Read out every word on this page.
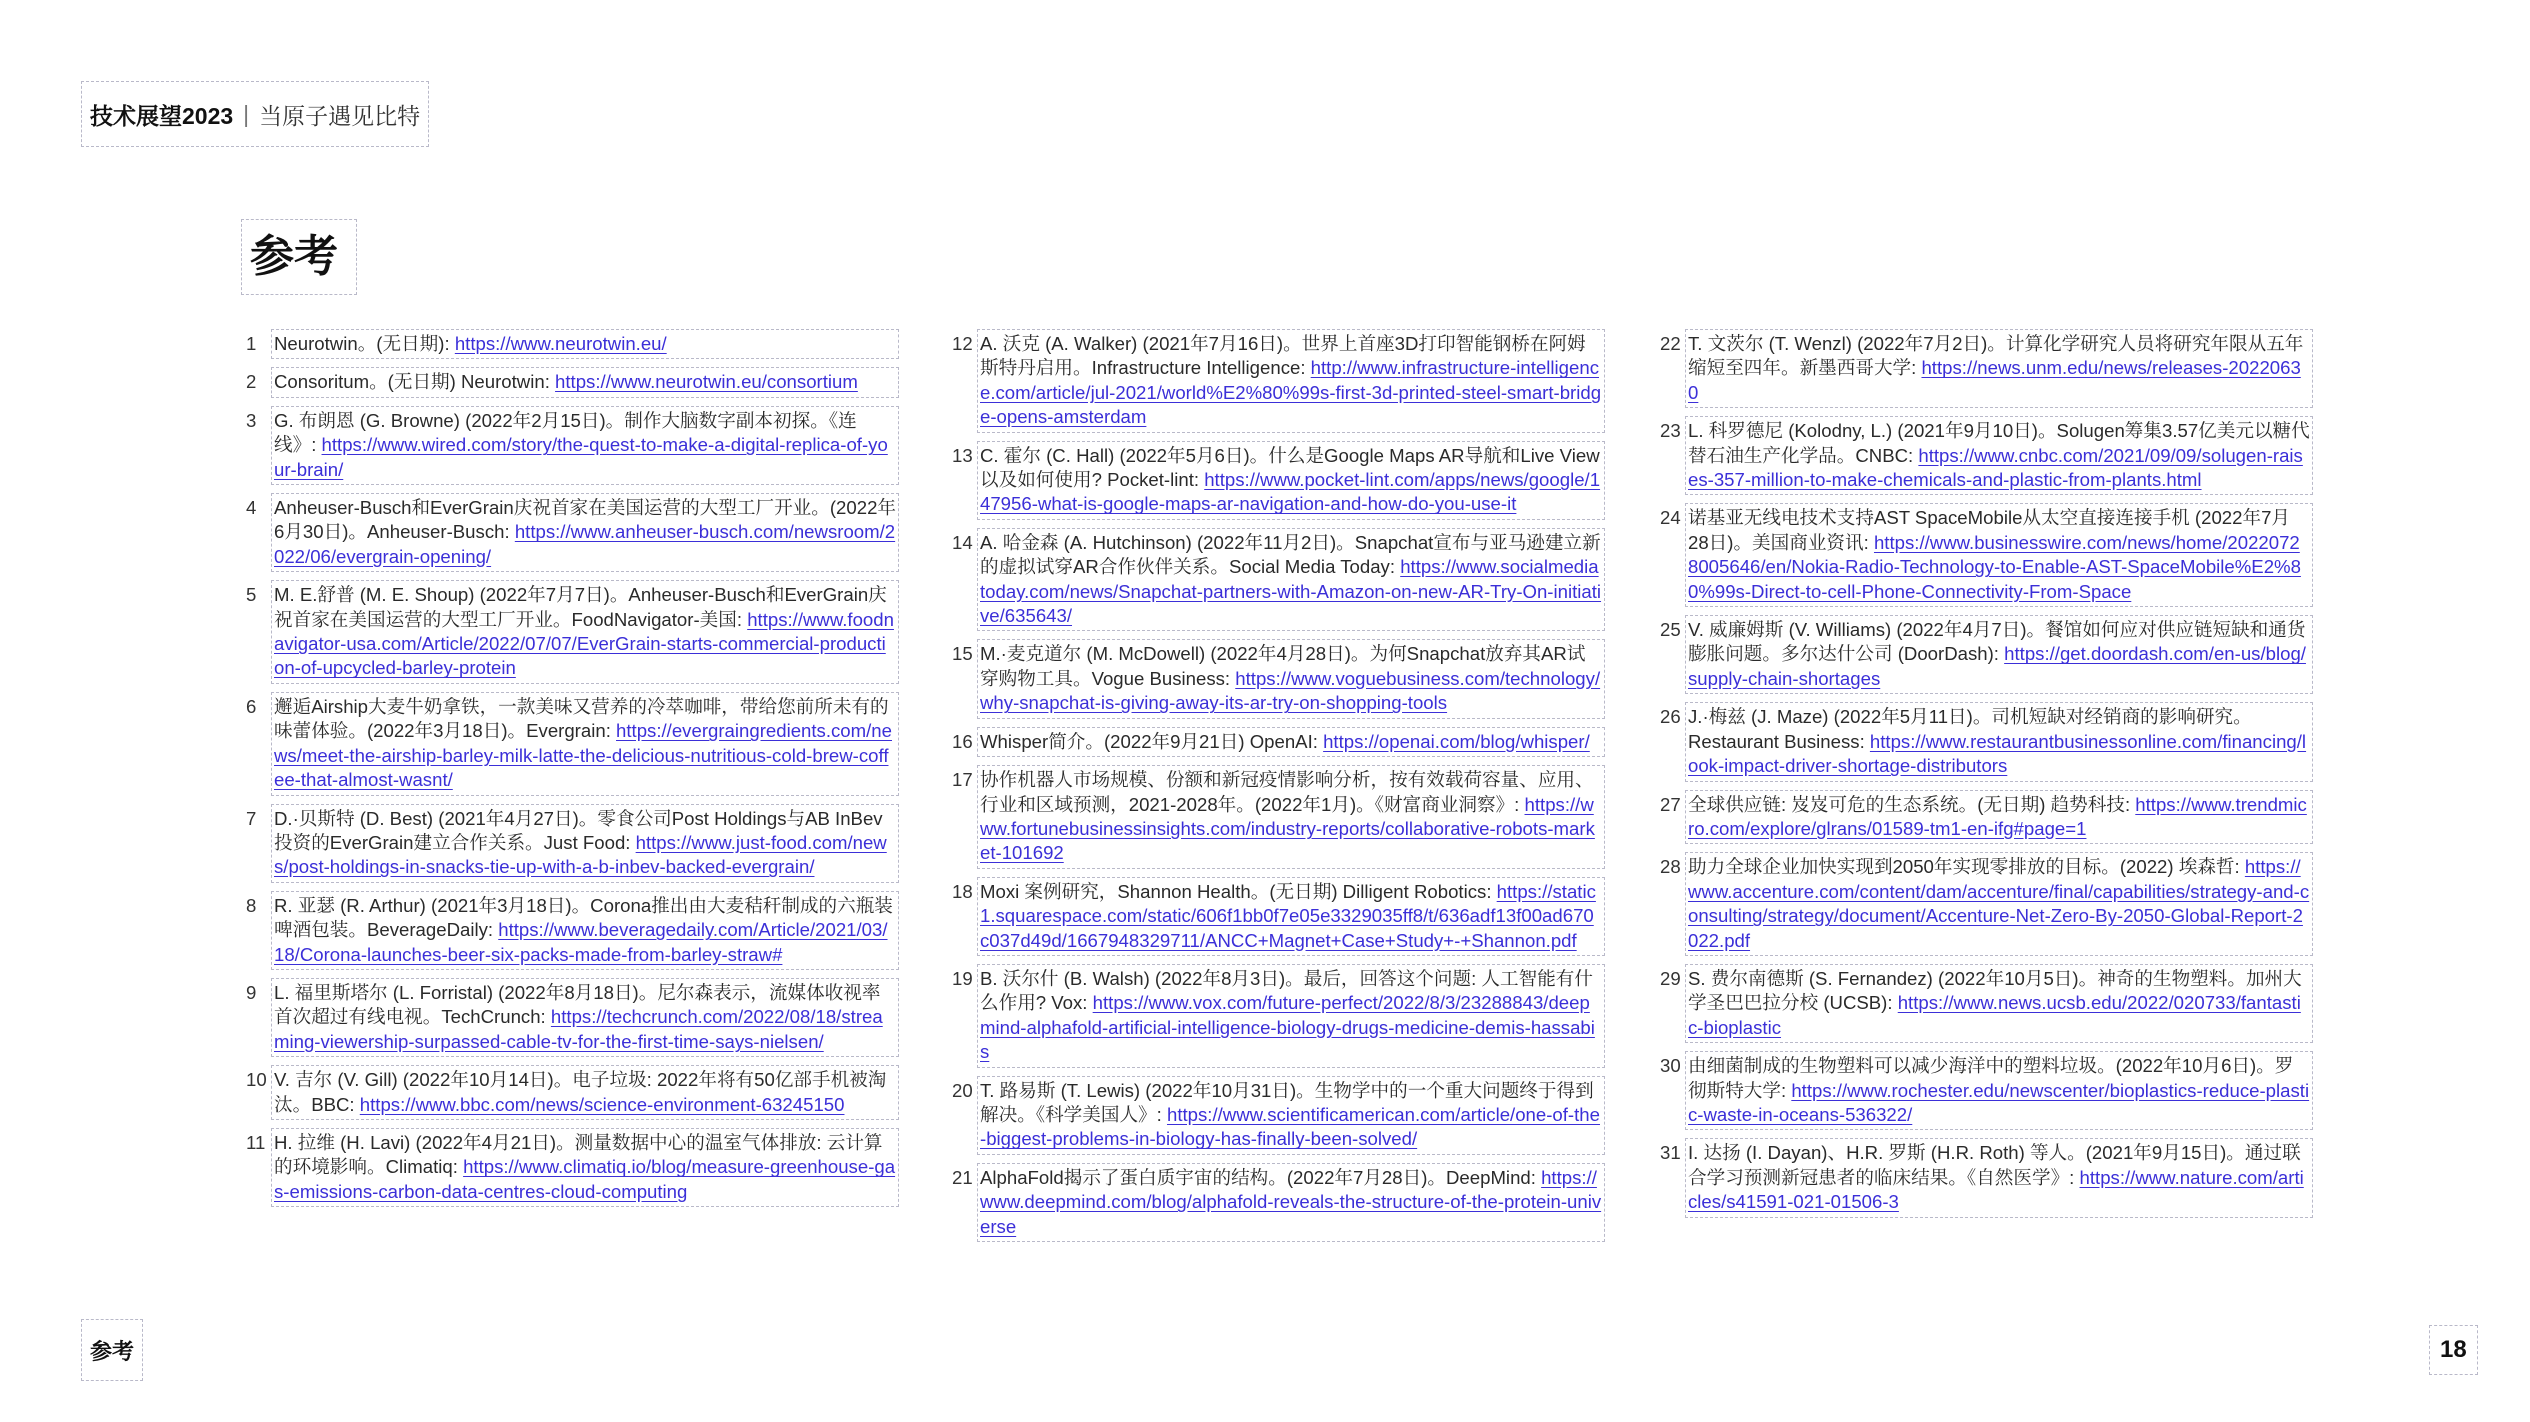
技术展望2023 | 当原子遇见比特
参考
1 Neurotwin。(无日期): https://www.neurotwin.eu/
2 Consoritum。(无日期) Neurotwin: https://www.neurotwin.eu/consortium
3 G. 布朗恩 (G. Browne) (2022年2月15日)。制作大脑数字副本初探。《连线》: https://www.wired.com/story/the-quest-to-make-a-digital-replica-of-your-brain/
4 Anheuser-Busch和EverGrain庆祝首家在美国运营的大型工厂开业。(2022年6月30日)。Anheuser-Busch: https://www.anheuser-busch.com/newsroom/2022/06/evergrain-opening/
5 M. E.舒普 (M. E. Shoup) (2022年7月7日)。Anheuser-Busch和EverGrain庆祝首家在美国运营的大型工厂开业。FoodNavigator-美国: https://www.foodnavigator-usa.com/Article/2022/07/07/EverGrain-starts-commercial-production-of-upcycled-barley-protein
6 邂逅Airship大麦牛奶拿铁，一款美味又营养的冷萃咖啡，带给您前所未有的味蕾体验。(2022年3月18日)。Evergrain: https://evergraingredients.com/news/meet-the-airship-barley-milk-latte-the-delicious-nutritious-cold-brew-coffee-that-almost-wasnt/
7 D.·贝斯特 (D. Best) (2021年4月27日)。零食公司Post Holdings与AB InBev投资的EverGrain建立合作关系。Just Food: https://www.just-food.com/news/post-holdings-in-snacks-tie-up-with-a-b-inbev-backed-evergrain/
8 R. 亚瑟 (R. Arthur) (2021年3月18日)。Corona推出由大麦秸秆制成的六瓶装啤酒包装。BeverageDaily: https://www.beveragedaily.com/Article/2021/03/18/Corona-launches-beer-six-packs-made-from-barley-straw#
9 L. 福里斯塔尔 (L. Forristal) (2022年8月18日)。尼尔森表示，流媒体收视率首次超过有线电视。TechCrunch: https://techcrunch.com/2022/08/18/streaming-viewership-surpassed-cable-tv-for-the-first-time-says-nielsen/
10 V. 吉尔 (V. Gill) (2022年10月14日)。电子垃圾: 2022年将有50亿部手机被淘汰。BBC: https://www.bbc.com/news/science-environment-63245150
11 H. 拉维 (H. Lavi) (2022年4月21日)。测量数据中心的温室气体排放: 云计算的环境影响。Climatiq: https://www.climatiq.io/blog/measure-greenhouse-gas-emissions-carbon-data-centres-cloud-computing
12 A. 沃克 (A. Walker) (2021年7月16日)。世界上首座3D打印智能钢桥在阿姆斯特丹启用。Infrastructure Intelligence: http://www.infrastructure-intelligence.com/article/jul-2021/world%E2%80%99s-first-3d-printed-steel-smart-bridge-opens-amsterdam
13 C. 霍尔 (C. Hall) (2022年5月6日)。什么是Google Maps AR导航和Live View以及如何使用? Pocket-lint: https://www.pocket-lint.com/apps/news/google/147956-what-is-google-maps-ar-navigation-and-how-do-you-use-it
14 A. 哈金森 (A. Hutchinson) (2022年11月2日)。Snapchat宣布与亚马逊建立新的虚拟试穿AR合作伙伴关系。Social Media Today: https://www.socialmediatoday.com/news/Snapchat-partners-with-Amazon-on-new-AR-Try-On-initiative/635643/
15 M.·麦克道尔 (M. McDowell) (2022年4月28日)。为何Snapchat放弃其AR试穿购物工具。Vogue Business: https://www.voguebusiness.com/technology/why-snapchat-is-giving-away-its-ar-try-on-shopping-tools
16 Whisper简介。(2022年9月21日) OpenAI: https://openai.com/blog/whisper/
17 协作机器人市场规模、份额和新冠疫情影响分析，按有效载荷容量、应用、行业和区域预测，2021-2028年。(2022年1月)。《财富商业洞察》: https://www.fortunebusinessinsights.com/industry-reports/collaborative-robots-market-101692
18 Moxi 案例研究，Shannon Health。(无日期) Dilligent Robotics: https://static1.squarespace.com/static/606f1bb0f7e05e3329035ff8/t/636adf13f00ad670c037d49d/1667948329711/ANCC+Magnet+Case+Study+-+Shannon.pdf
19 B. 沃尔什 (B. Walsh) (2022年8月3日)。最后，回答这个问题: 人工智能有什么作用? Vox: https://www.vox.com/future-perfect/2022/8/3/23288843/deepmind-alphafold-artificial-intelligence-biology-drugs-medicine-demis-hassabis
20 T. 路易斯 (T. Lewis) (2022年10月31日)。生物学中的一个重大问题终于得到解决。《科学美国人》: https://www.scientificamerican.com/article/one-of-the-biggest-problems-in-biology-has-finally-been-solved/
21 AlphaFold揭示了蛋白质宇宙的结构。(2022年7月28日)。DeepMind: https://www.deepmind.com/blog/alphafold-reveals-the-structure-of-the-protein-universe
22 T. 文茨尔 (T. Wenzl) (2022年7月2日)。计算化学研究人员将研究年限从五年缩短至四年。新墨西哥大学: https://news.unm.edu/news/releases-20220630
23 L. 科罗德尼 (Kolodny, L.) (2021年9月10日)。Solugen筹集3.57亿美元以糖代替石油生产化学品。CNBC: https://www.cnbc.com/2021/09/09/solugen-raises-357-million-to-make-chemicals-and-plastic-from-plants.html
24 诺基亚无线电技术支持AST SpaceMobile从太空直接连接手机 (2022年7月28日)。美国商业资讯: https://www.businesswire.com/news/home/20220728005646/en/Nokia-Radio-Technology-to-Enable-AST-SpaceMobile%E2%80%99s-Direct-to-cell-Phone-Connectivity-From-Space
25 V. 威廉姆斯 (V. Williams) (2022年4月7日)。餐馆如何应对供应链短缺和通货膨胀问题。多尔达什公司 (DoorDash): https://get.doordash.com/en-us/blog/supply-chain-shortages
26 J.·梅兹 (J. Maze) (2022年5月11日)。司机短缺对经销商的影响研究。Restaurant Business: https://www.restaurantbusinessonline.com/financing/look-impact-driver-shortage-distributors
27 全球供应链: 岌岌可危的生态系统。(无日期) 趋势科技: https://www.trendmicro.com/explore/glrans/01589-tm1-en-ifg#page=1
28 助力全球企业加快实现到2050年实现零排放的目标。(2022) 埃森哲: https://www.accenture.com/content/dam/accenture/final/capabilities/strategy-and-consulting/strategy/document/Accenture-Net-Zero-By-2050-Global-Report-2022.pdf
29 S. 费尔南德斯 (S. Fernandez) (2022年10月5日)。神奇的生物塑料。加州大学圣巴巴拉分校 (UCSB): https://www.news.ucsb.edu/2022/020733/fantastic-bioplastic
30 由细菌制成的生物塑料可以减少海洋中的塑料垃圾。(2022年10月6日)。罗彻斯特大学: https://www.rochester.edu/newscenter/bioplastics-reduce-plastic-waste-in-oceans-536322/
31 I. 达扬 (I. Dayan)、H.R. 罗斯 (H.R. Roth) 等人。(2021年9月15日)。通过联合学习预测新冠患者的临床结果。《自然医学》: https://www.nature.com/articles/s41591-021-01506-3
参考	18
